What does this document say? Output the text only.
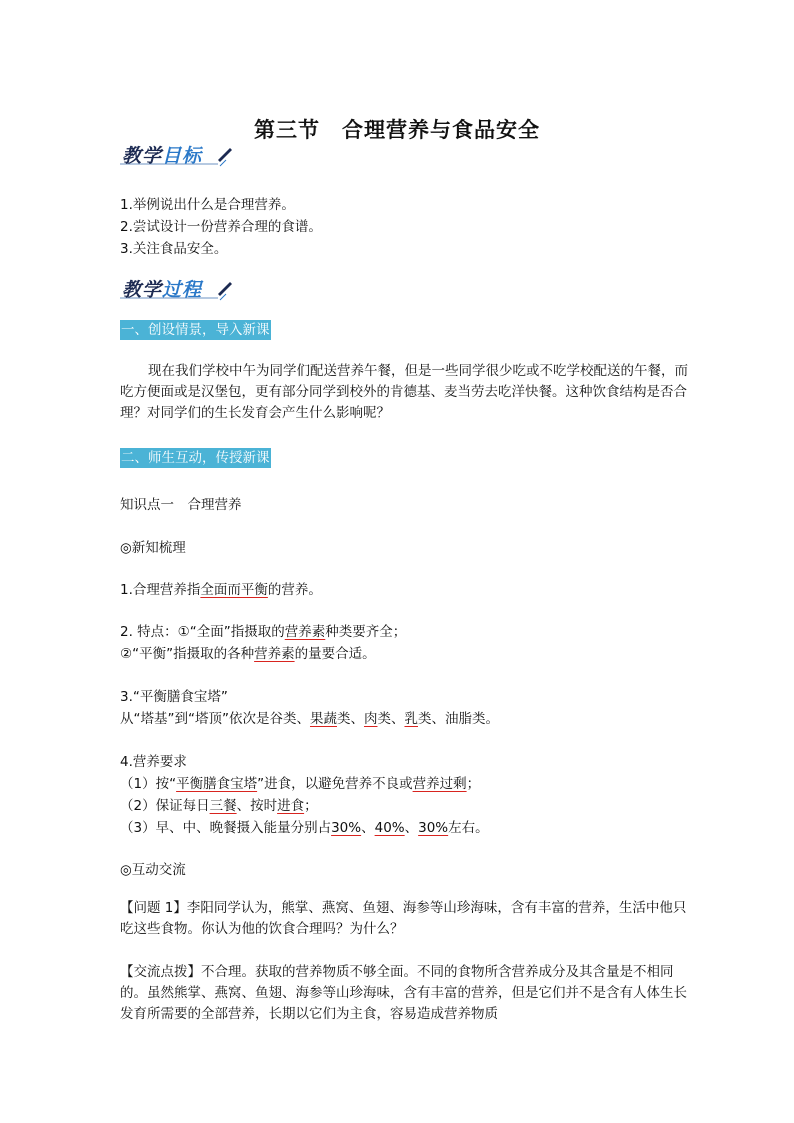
第三节　合理营养与食品安全
教学目标
1.举例说出什么是合理营养。
2.尝试设计一份营养合理的食谱。
3.关注食品安全。
教学过程
一、创设情景，导入新课
现在我们学校中午为同学们配送营养午餐，但是一些同学很少吃或不吃学校配送的午餐，而吃方便面或是汉堡包，更有部分同学到校外的肯德基、麦当劳去吃洋快餐。这种饮食结构是否合理？对同学们的生长发育会产生什么影响呢？
二、师生互动，传授新课
知识点一　合理营养
◎新知梳理
1.合理营养指全面而平衡的营养。
2. 特点：①“全面”指摄取的营养素种类要齐全；
②“平衡”指摄取的各种营养素的量要合适。
3.“平衡膳食宝塔”
从“塔基”到“塔顶”依次是谷类、果蔬类、肉类、乳类、油脂类。
4.营养要求
（1）按“平衡膳食宝塔”进食，以避免营养不良或营养过剩；
（2）保证每日三餐、按时进食；
（3）早、中、晚餐摄入能量分别占30%、40%、30%左右。
◎互动交流
【问题 1】李阳同学认为，熊掌、燕窝、鱼翅、海参等山珍海味，含有丰富的营养，生活中他只吃这些食物。你认为他的饮食合理吗？为什么？
【交流点拨】不合理。获取的营养物质不够全面。不同的食物所含营养成分及其含量是不相同的。虽然熊掌、燕窝、鱼翅、海参等山珍海味，含有丰富的营养，但是它们并不是含有人体生长发育所需要的全部营养，长期以它们为主食，容易造成营养物质
